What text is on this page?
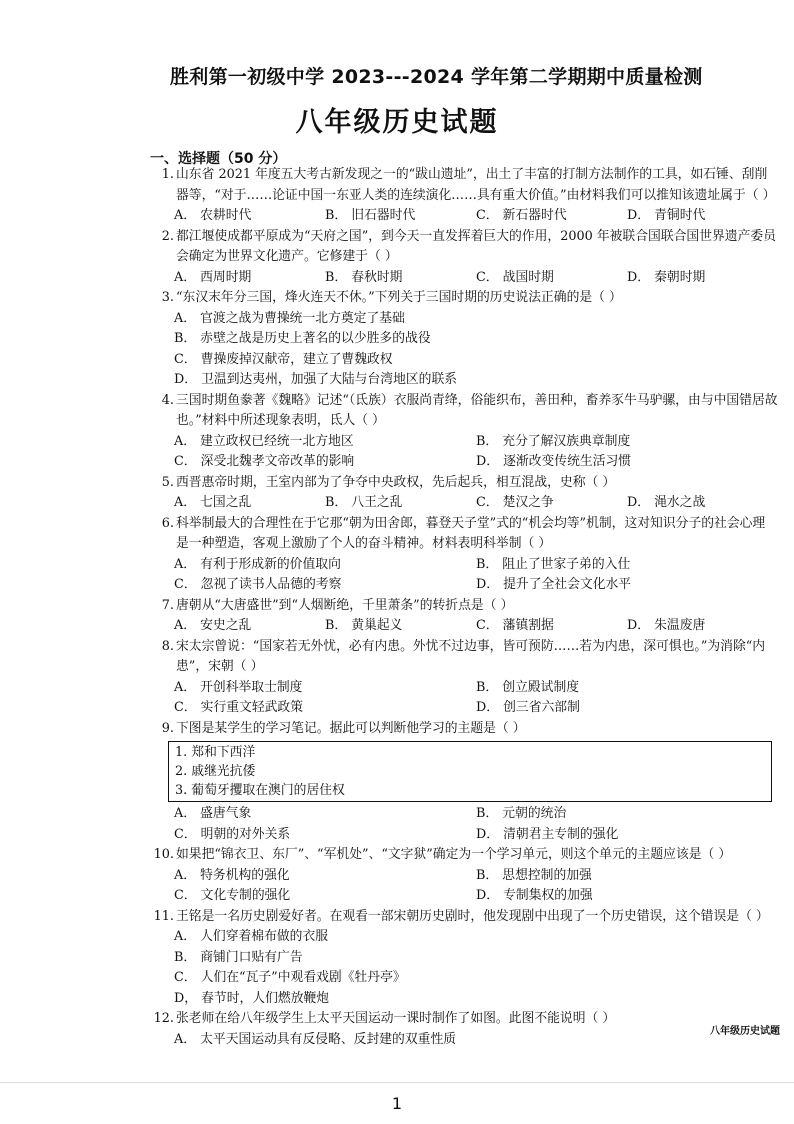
胜利第一初级中学 2023---2024 学年第二学期期中质量检测
八年级历史试题
一、选择题（50 分）
1. 山东省 2021 年度五大考古新发现之一的“跋山遗址”，出土了丰富的打制方法制作的工具，如石锤、刮削器等，“对于……论证中国一东亚人类的连续演化……具有重大价值。”由材料我们可以推知该遗址属于（ ）
A． 农耕时代	B． 旧石器时代	C． 新石器时代	D． 青铜时代
2. 都江堰使成都平原成为“天府之国”，到今天一直发挥着巨大的作用，2000 年被联合国联合国世界遗产委员会确定为世界文化遗产。它修建于（ ）
A． 西周时期	B． 春秋时期	C． 战国时期	D． 秦朝时期
3. “东汉末年分三国，烽火连天不休。”下列关于三国时期的历史说法正确的是（ ）
A． 官渡之战为曹操统一北方奠定了基础
B． 赤壁之战是历史上著名的以少胜多的战役
C． 曹操废掉汉献帝，建立了曹魏政权
D． 卫温到达夷州，加强了大陆与台湾地区的联系
4. 三国时期鱼豢著《魏略》记述“（氐族）衣服尚青绛，俗能织布，善田种，畜养豕牛马驴骡，由与中国错居故也。”材料中所述现象表明，氐人（ ）
A． 建立政权已经统一北方地区	B． 充分了解汉族典章制度
C． 深受北魏孝文帝改革的影响	D． 逐渐改变传统生活习惯
5. 西晋惠帝时期，王室内部为了争夺中央政权，先后起兵，相互混战，史称（ ）
A． 七国之乱	B． 八王之乱	C． 楚汉之争	D． 渑水之战
6. 科举制最大的合理性在于它那“朝为田舍郎，暮登天子堂”式的“机会均等”机制，这对知识分子的社会心理是一种塑造，客观上激励了个人的奋斗精神。材料表明科举制（ ）
A． 有利于形成新的价值取向	B． 阻止了世家子弟的入仕
C． 忽视了读书人品德的考察	D． 提升了全社会文化水平
7. 唐朝从“大唐盛世”到“人烟断绝，千里萧条”的转折点是（ ）
A． 安史之乱	B． 黄巢起义	C． 藩镇割据	D． 朱温废唐
8. 宋太宗曾说：“国家若无外忧，必有内患。外忧不过边事，皆可预防……若为内患，深可惧也。”为消除“内患”，宋朝（ ）
A． 开创科举取士制度	B． 创立殿试制度
C． 实行重文轻武政策	D． 创三省六部制
9. 下图是某学生的学习笔记。据此可以判断他学习的主题是（ ）
1. 郑和下西洋
2. 戚继光抗倭
3. 葡萄牙攫取在澳门的居住权
A． 盛唐气象	B． 元朝的统治
C． 明朝的对外关系	D． 清朝君主专制的强化
10. 如果把“锦衣卫、东厂”、“军机处”、“文字狱”确定为一个学习单元，则这个单元的主题应该是（ ）
A． 特务机构的强化	B． 思想控制的加强
C． 文化专制的强化	D． 专制集权的加强
11. 王铭是一名历史剧爱好者。在观看一部宋朝历史剧时，他发现剧中出现了一个历史错误，这个错误是（ ）
A． 人们穿着棉布做的衣服
B． 商铺门口贴有广告
C． 人们在“瓦子”中观看戏剧《牡丹亭》
D， 春节时，人们燃放鞭炮
12. 张老师在给八年级学生上太平天国运动一课时制作了如图。此图不能说明（ ）
A． 太平天国运动具有反侵略、反封建的双重性质	八年级历史试题
1
